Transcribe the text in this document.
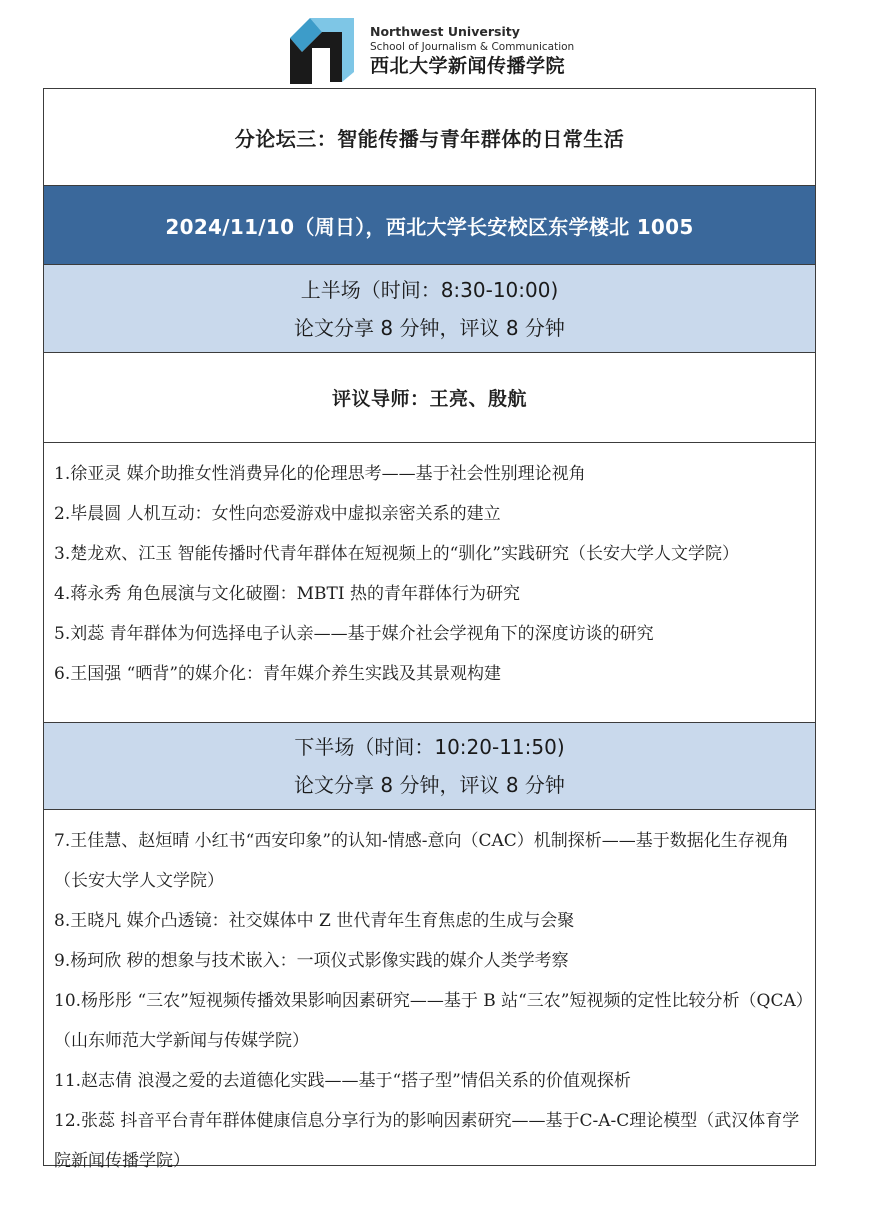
Northwest University
School of Journalism & Communication
西北大学新闻传播学院
分论坛三：智能传播与青年群体的日常生活
2024/11/10（周日），西北大学长安校区东学楼北 1005
上半场（时间：8:30-10:00)
论文分享 8 分钟，评议 8 分钟
评议导师：王亮、殷航
1.徐亚灵 媒介助推女性消费异化的伦理思考——基于社会性别理论视角
2.毕晨圆 人机互动：女性向恋爱游戏中虚拟亲密关系的建立
3.楚龙欢、江玉 智能传播时代青年群体在短视频上的“驯化”实践研究（长安大学人文学院）
4.蒋永秀 角色展演与文化破圈：MBTI 热的青年群体行为研究
5.刘蕊 青年群体为何选择电子认亲——基于媒介社会学视角下的深度访谈的研究
6.王国强 “晒背”的媒介化：青年媒介养生实践及其景观构建
下半场（时间：10:20-11:50)
论文分享 8 分钟，评议 8 分钟
7.王佳慧、赵烜晴 小红书“西安印象”的认知-情感-意向（CAC）机制探析——基于数据化生存视角（长安大学人文学院）
8.王晓凡 媒介凸透镜：社交媒体中 Z 世代青年生育焦虑的生成与会聚
9.杨珂欣 秽的想象与技术嵌入：一项仪式影像实践的媒介人类学考察
10.杨彤彤 “三农”短视频传播效果影响因素研究——基于 B 站“三农”短视频的定性比较分析（QCA）（山东师范大学新闻与传媒学院）
11.赵志倩 浪漫之爱的去道德化实践——基于“搭子型”情侣关系的价值观探析
12.张蕊 抖音平台青年群体健康信息分享行为的影响因素研究——基于C-A-C理论模型（武汉体育学院新闻传播学院）
